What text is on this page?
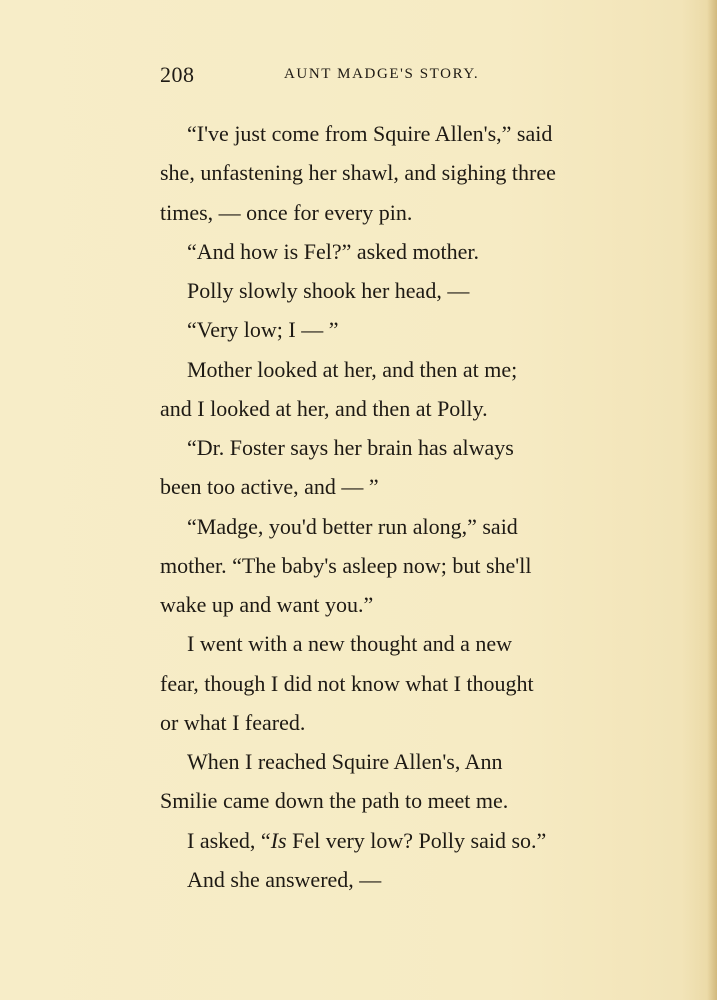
208	AUNT MADGE'S STORY.
“I've just come from Squire Allen's,” said
she, unfastening her shawl, and sighing three
times, — once for every pin.
“And how is Fel?” asked mother.
Polly slowly shook her head, —
“Very low; I — ”
Mother looked at her, and then at me;
and I looked at her, and then at Polly.
“Dr. Foster says her brain has always
been too active, and — ”
“Madge, you'd better run along,” said
mother. “The baby's asleep now; but she'll
wake up and want you.”
I went with a new thought and a new
fear, though I did not know what I thought
or what I feared.
When I reached Squire Allen's, Ann
Smilie came down the path to meet me.
I asked, “Is Fel very low? Polly said so.”
And she answered, —
